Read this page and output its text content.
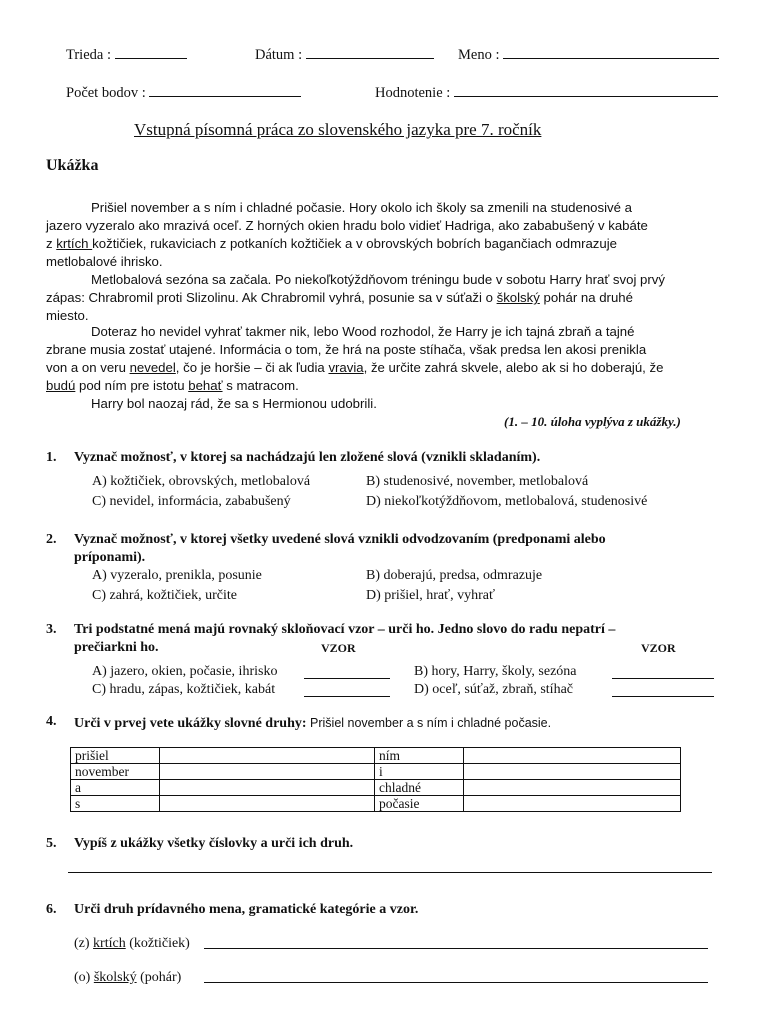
Trieda :	Dátum :	Meno :
Počet bodov :	Hodnotenie :
Vstupná písomná práca zo slovenského jazyka pre 7. ročník
Ukážka
Prišiel november a s ním i chladné počasie. Hory okolo ich školy sa zmenili na studenosivé a
jazero vyzeralo ako mrazivá oceľ. Z horných okien hradu bolo vidieť Hadriga, ako zababušený v kabáte
z krtích kožtičiek, rukaviciach z potkaních kožtičiek a v obrovských bobrích bagančiach odmrazuje
metlobalové ihrisko.
Metlobalová sezóna sa začala. Po niekoľkotýždňovom tréningu bude v sobotu Harry hrať svoj prvý
zápas: Chrabromil proti Slizolinu. Ak Chrabromil vyhrá, posunie sa v súťaži o školský pohár na druhé
miesto.
Doteraz ho nevidel vyhrať takmer nik, lebo Wood rozhodol, že Harry je ich tajná zbraň a tajné
zbrane musia zostať utajené. Informácia o tom, že hrá na poste stíhača, však predsa len akosi prenikla
von a on veru nevedel, čo je horšie – či ak ľudia vravia, že určite zahrá skvele, alebo ak si ho doberajú, že
budú pod ním pre istotu behať s matracom.
Harry bol naozaj rád, že sa s Hermionou udobrili.
(1. – 10. úloha vyplýva z ukážky.)
1. Vyznač možnosť, v ktorej sa nachádzajú len zložené slová (vznikli skladaním).
A) kožtičiek, obrovských, metlobalová	B) studenosivé, november, metlobalová
C) nevidel, informácia, zababušený	D) niekoľkotýždňovom, metlobalová, studenosivé
2. Vyznač možnosť, v ktorej všetky uvedené slová vznikli odvodzovaním (predponami alebo
príponami).
A) vyzeralo, prenikla, posunie	B) doberajú, predsa, odmrazuje
C) zahrá, kožtičiek, určite	D) prišiel, hrať, vyhrať
3. Tri podstatné mená majú rovnaký skloňovací vzor – urči ho. Jedno slovo do radu nepatrí –
prečiarkni ho.	VZOR	VZOR
A) jazero, okien, počasie, ihrisko	B) hory, Harry, školy, sezóna
C) hradu, zápas, kožtičiek, kabát	D) oceľ, súťaž, zbraň, stíhač
4. Urči v prvej vete ukážky slovné druhy: Prišiel november a s ním i chladné počasie.
prišiel		ním	
november		i	
a		chladné	
s		počasie	
5. Vypíš z ukážky všetky číslovky a urči ich druh.
6. Urči druh prídavného mena, gramatické kategórie a vzor.
(z) krtích (kožtičiek)
(o) školský (pohár)
